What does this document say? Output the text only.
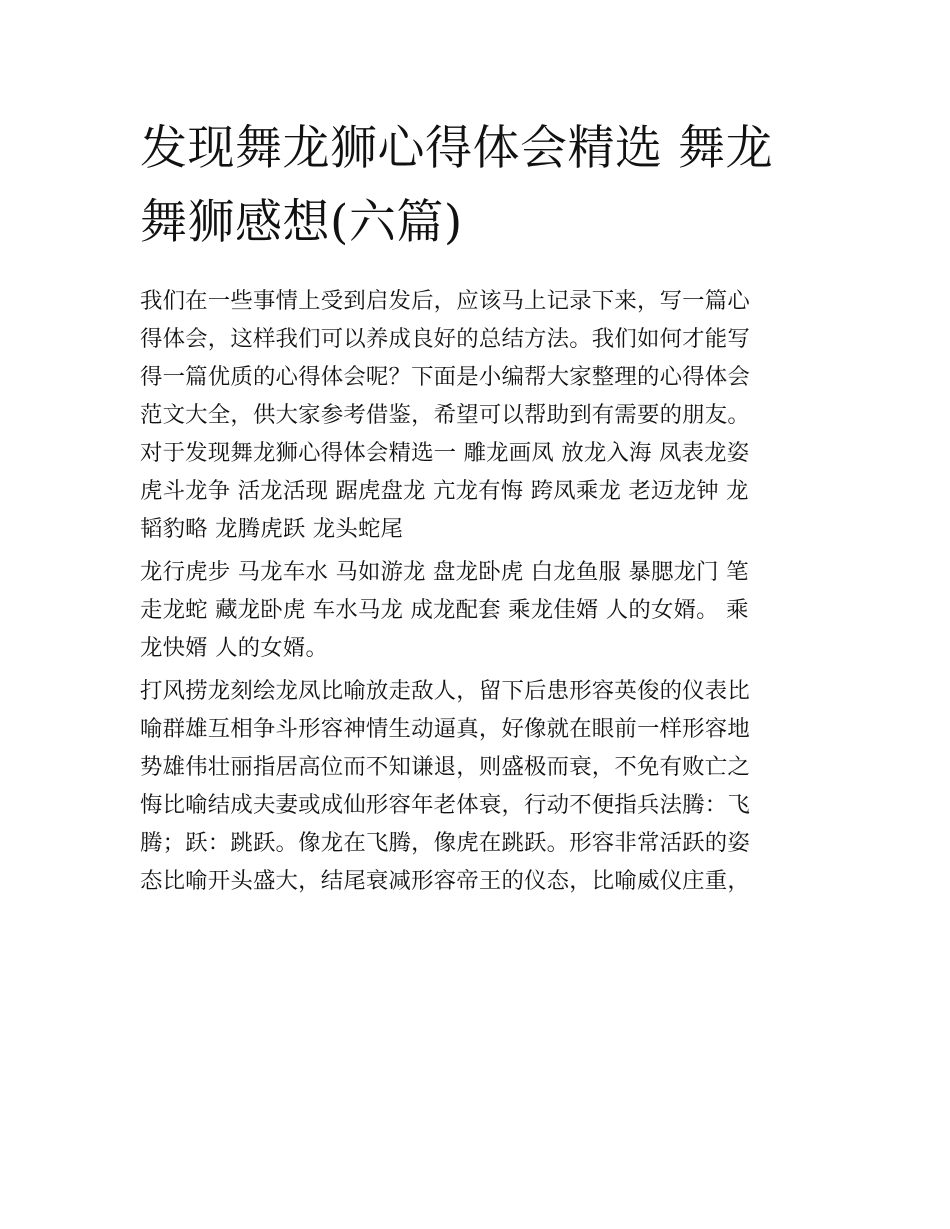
发现舞龙狮心得体会精选 舞龙
舞狮感想(六篇)

我们在一些事情上受到启发后，应该马上记录下来，写一篇心
得体会，这样我们可以养成良好的总结方法。我们如何才能写
得一篇优质的心得体会呢？下面是小编帮大家整理的心得体会
范文大全，供大家参考借鉴，希望可以帮助到有需要的朋友。

对于发现舞龙狮心得体会精选一 雕龙画凤 放龙入海 凤表龙姿
虎斗龙争 活龙活现 踞虎盘龙 亢龙有悔 跨凤乘龙 老迈龙钟 龙
韬豹略 龙腾虎跃 龙头蛇尾

龙行虎步 马龙车水 马如游龙 盘龙卧虎 白龙鱼服 暴腮龙门 笔
走龙蛇 藏龙卧虎 车水马龙 成龙配套 乘龙佳婿 人的女婿。 乘
龙快婿 人的女婿。

打风捞龙刻绘龙凤比喻放走敌人，留下后患形容英俊的仪表比
喻群雄互相争斗形容神情生动逼真，好像就在眼前一样形容地
势雄伟壮丽指居高位而不知谦退，则盛极而衰，不免有败亡之
悔比喻结成夫妻或成仙形容年老体衰，行动不便指兵法腾：飞
腾；跃：跳跃。像龙在飞腾，像虎在跳跃。形容非常活跃的姿
态比喻开头盛大，结尾衰减形容帝王的仪态，比喻威仪庄重，
